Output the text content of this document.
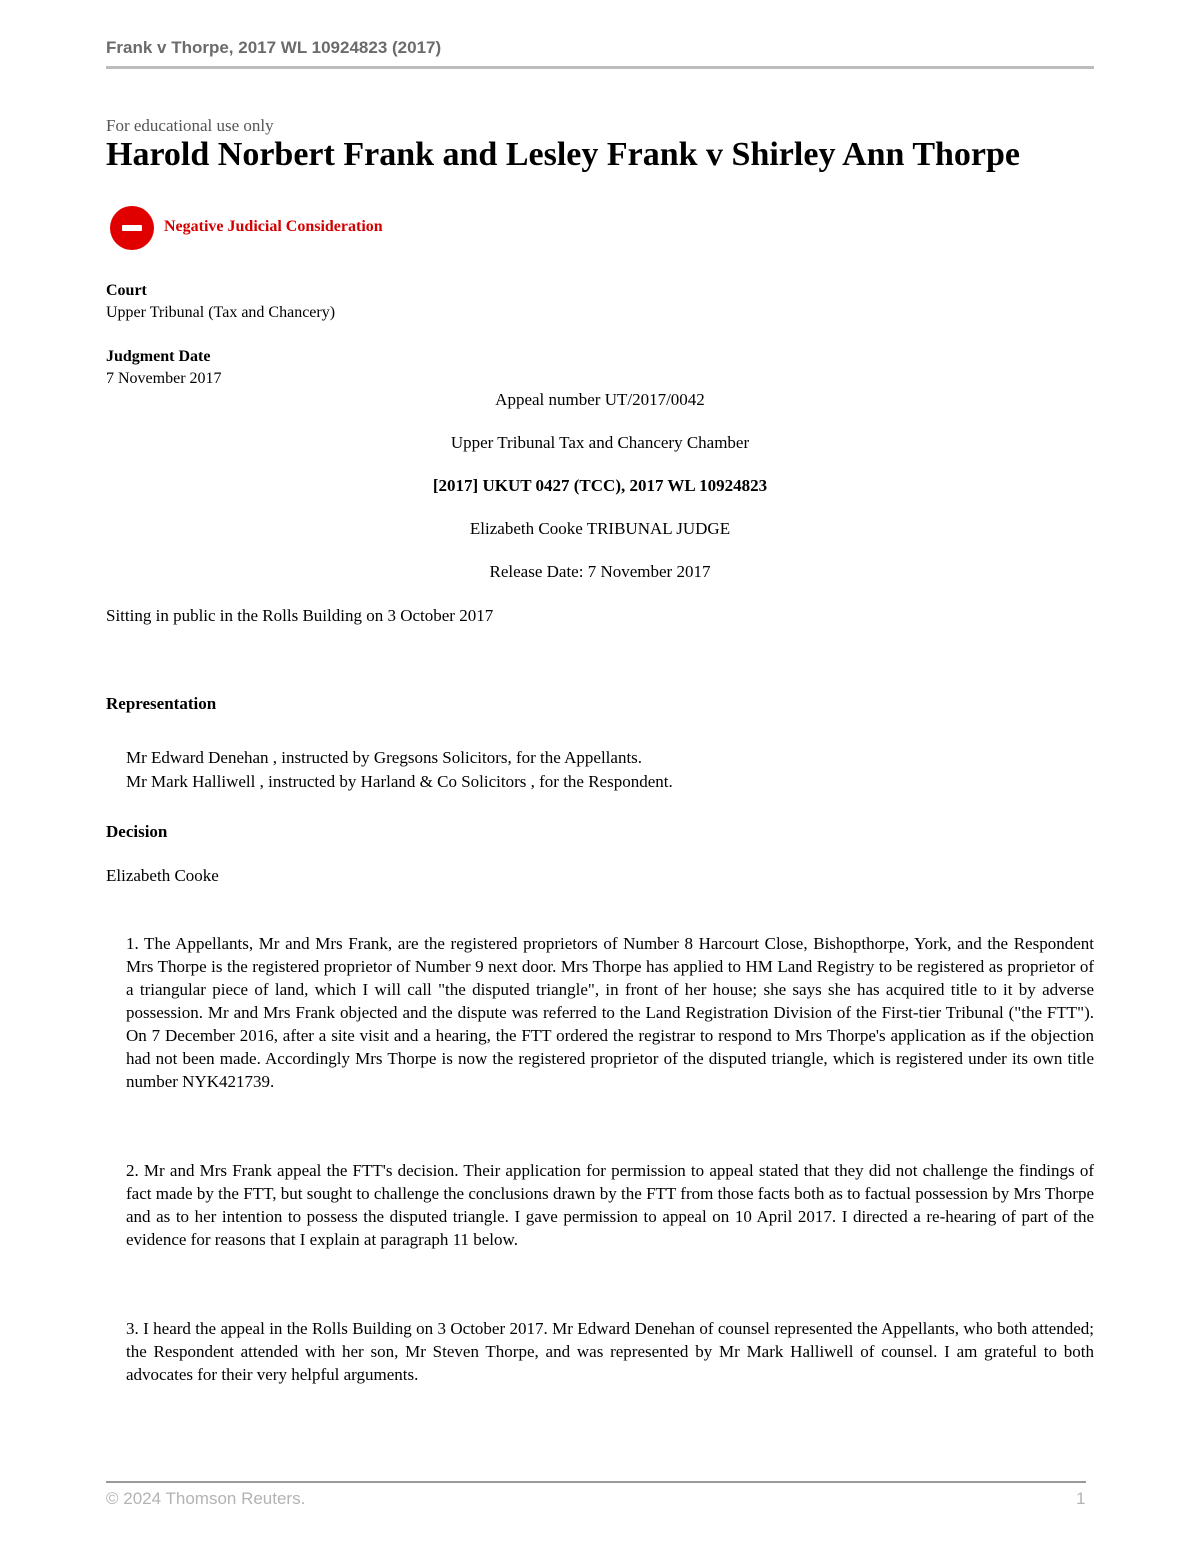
Frank v Thorpe, 2017 WL 10924823 (2017)
For educational use only
Harold Norbert Frank and Lesley Frank v Shirley Ann Thorpe
Negative Judicial Consideration
Court
Upper Tribunal (Tax and Chancery)
Judgment Date
7 November 2017
Appeal number UT/2017/0042
Upper Tribunal Tax and Chancery Chamber
[2017] UKUT 0427 (TCC), 2017 WL 10924823
Elizabeth Cooke TRIBUNAL JUDGE
Release Date: 7 November 2017
Sitting in public in the Rolls Building on 3 October 2017
Representation
Mr Edward Denehan , instructed by Gregsons Solicitors, for the Appellants.
Mr Mark Halliwell , instructed by Harland & Co Solicitors , for the Respondent.
Decision
Elizabeth Cooke

1. The Appellants, Mr and Mrs Frank, are the registered proprietors of Number 8 Harcourt Close, Bishopthorpe, York, and the Respondent Mrs Thorpe is the registered proprietor of Number 9 next door. Mrs Thorpe has applied to HM Land Registry to be registered as proprietor of a triangular piece of land, which I will call "the disputed triangle", in front of her house; she says she has acquired title to it by adverse possession. Mr and Mrs Frank objected and the dispute was referred to the Land Registration Division of the First-tier Tribunal ("the FTT"). On 7 December 2016, after a site visit and a hearing, the FTT ordered the registrar to respond to Mrs Thorpe's application as if the objection had not been made. Accordingly Mrs Thorpe is now the registered proprietor of the disputed triangle, which is registered under its own title number NYK421739.

2. Mr and Mrs Frank appeal the FTT's decision. Their application for permission to appeal stated that they did not challenge the findings of fact made by the FTT, but sought to challenge the conclusions drawn by the FTT from those facts both as to factual possession by Mrs Thorpe and as to her intention to possess the disputed triangle. I gave permission to appeal on 10 April 2017. I directed a re-hearing of part of the evidence for reasons that I explain at paragraph 11 below.

3. I heard the appeal in the Rolls Building on 3 October 2017. Mr Edward Denehan of counsel represented the Appellants, who both attended; the Respondent attended with her son, Mr Steven Thorpe, and was represented by Mr Mark Halliwell of counsel. I am grateful to both advocates for their very helpful arguments.

© 2024 Thomson Reuters.	1
